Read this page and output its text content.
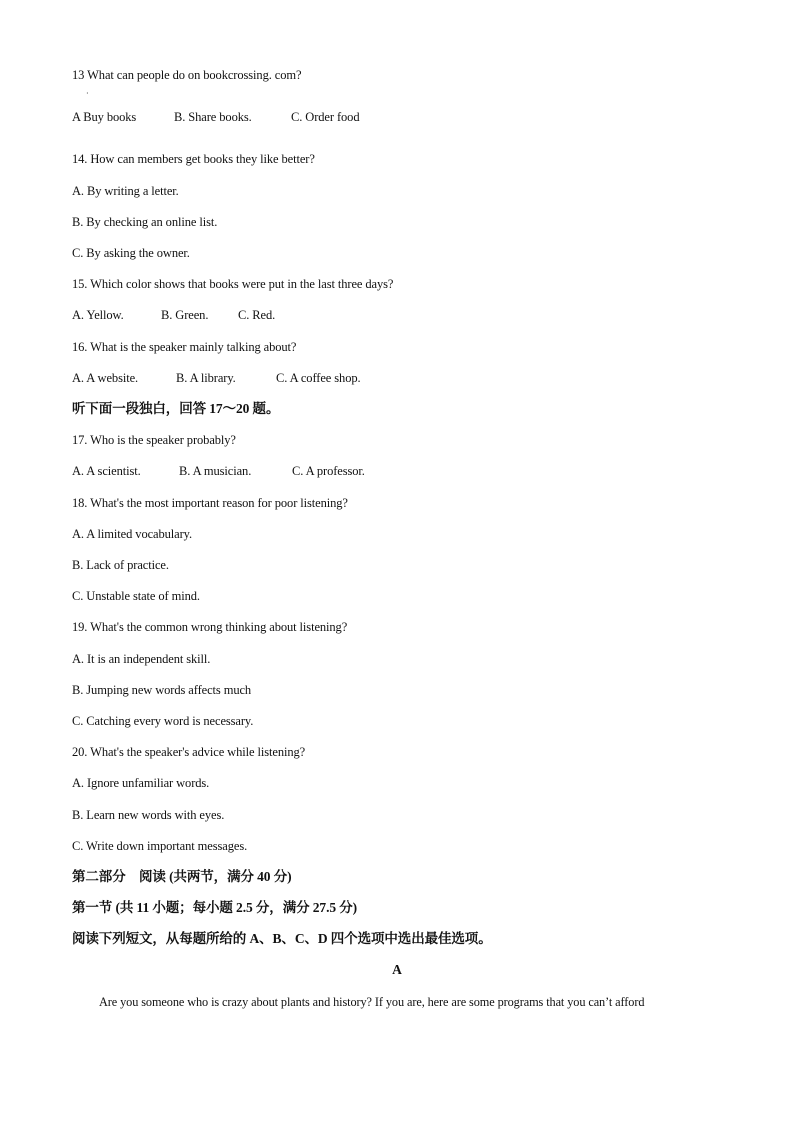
13 What can people do on bookcrossing. com?
·
A Buy books	B. Share books.	C. Order food
14. How can members get books they like better?
A. By writing a letter.
B. By checking an online list.
C. By asking the owner.
15. Which color shows that books were put in the last three days?
A. Yellow.	B. Green. C. Red.
16. What is the speaker mainly talking about?
A. A website.	B. A library.	C. A coffee shop.
听下面一段独白，回答 17～20 题。
17. Who is the speaker probably?
A. A scientist.	B. A musician.	C. A professor.
18. What's the most important reason for poor listening?
A. A limited vocabulary.
B. Lack of practice.
C. Unstable state of mind.
19. What's the common wrong thinking about listening?
A. It is an independent skill.
B. Jumping new words affects much
C. Catching every word is necessary.
20. What's the speaker's advice while listening?
A. Ignore unfamiliar words.
B. Learn new words with eyes.
C. Write down important messages.
第二部分　阅读 (共两节，满分 40 分)
第一节 (共 11 小题；每小题 2.5 分，满分 27.5 分)
阅读下列短文，从每题所给的 A、B、C、D 四个选项中选出最佳选项。
A
Are you someone who is crazy about plants and history? If you are, here are some programs that you can’t afford
